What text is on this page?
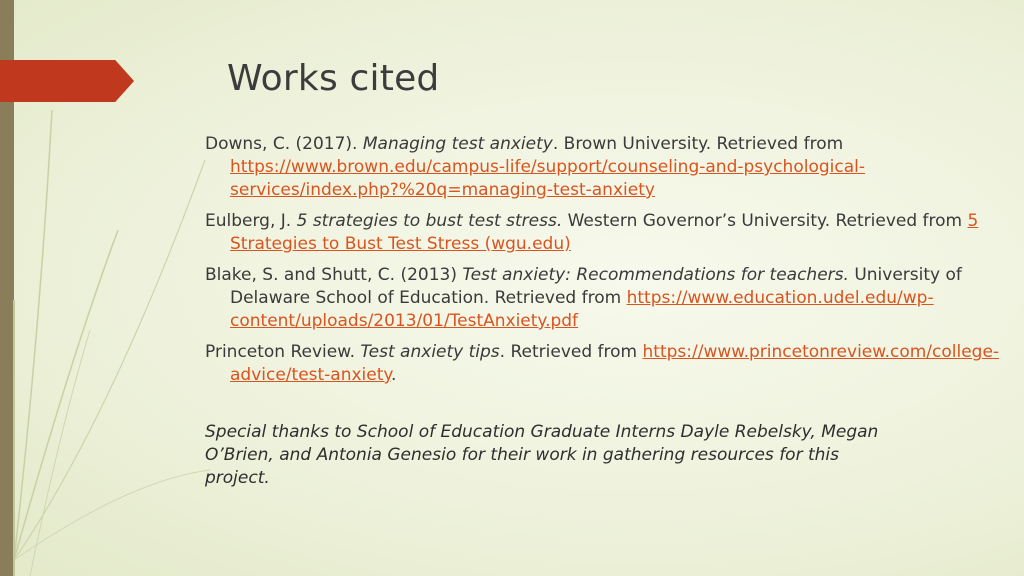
Works cited

Downs, C. (2017). Managing test anxiety. Brown University. Retrieved from https://www.brown.edu/campus-life/support/counseling-and-psychological-services/index.php?%20q=managing-test-anxiety

Eulberg, J. 5 strategies to bust test stress. Western Governor’s University. Retrieved from 5 Strategies to Bust Test Stress (wgu.edu)

Blake, S. and Shutt, C. (2013) Test anxiety: Recommendations for teachers. University of Delaware School of Education. Retrieved from https://www.education.udel.edu/wp-content/uploads/2013/01/TestAnxiety.pdf

Princeton Review. Test anxiety tips. Retrieved from https://www.princetonreview.com/college-advice/test-anxiety.

Special thanks to School of Education Graduate Interns Dayle Rebelsky, Megan O’Brien, and Antonia Genesio for their work in gathering resources for this project.
